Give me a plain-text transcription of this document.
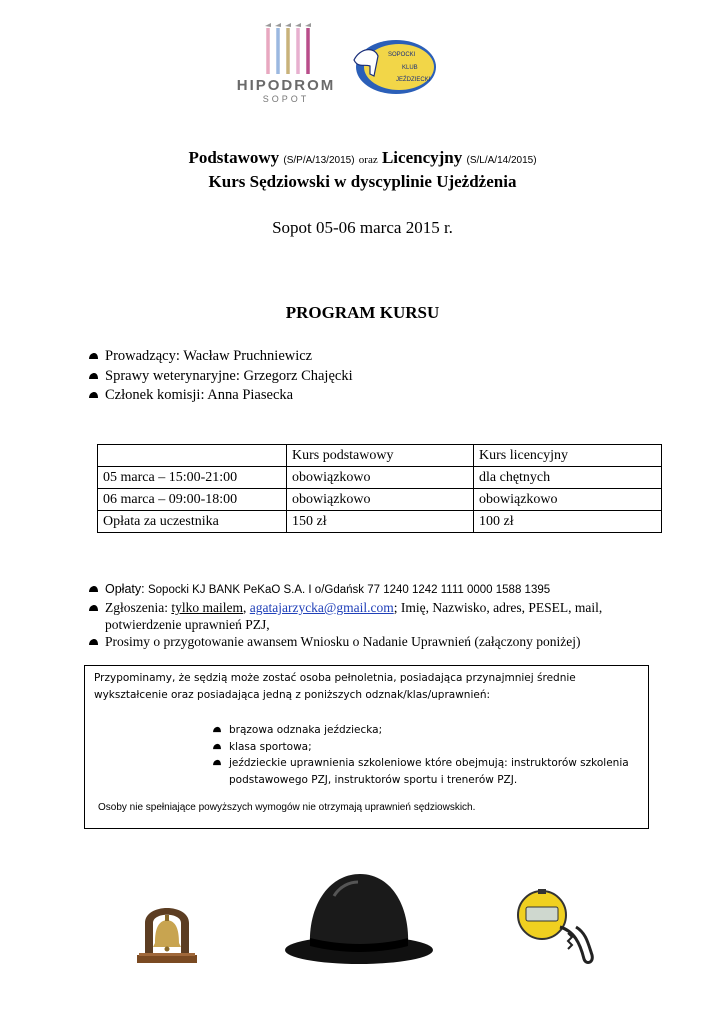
HIPODROM
SOPOT
SOPOCKI
KLUB
JEŹDZIECKI
Podstawowy (S/P/A/13/2015) oraz Licencyjny (S/L/A/14/2015)
Kurs Sędziowski w dyscyplinie Ujeżdżenia
Sopot 05-06 marca 2015 r.
PROGRAM KURSU
Prowadzący: Wacław Pruchniewicz
Sprawy weterynaryjne: Grzegorz Chajęcki
Członek komisji: Anna Piasecka
	Kurs podstawowy	Kurs licencyjny
05 marca – 15:00-21:00	obowiązkowo	dla chętnych
06 marca – 09:00-18:00	obowiązkowo	obowiązkowo
Opłata za uczestnika	150 zł	100 zł
Opłaty: Sopocki KJ BANK PeKaO S.A. I o/Gdańsk 77 1240 1242 1111 0000 1588 1395
Zgłoszenia: tylko mailem, agatajarzycka@gmail.com; Imię, Nazwisko, adres, PESEL, mail, potwierdzenie uprawnień PZJ,
Prosimy o przygotowanie awansem Wniosku o Nadanie Uprawnień (załączony poniżej)
Przypominamy, że sędzią może zostać osoba pełnoletnia, posiadająca przynajmniej średnie wykształcenie oraz posiadająca jedną z poniższych odznak/klas/uprawnień:
brązowa odznaka jeździecka;
klasa sportowa;
jeździeckie uprawnienia szkoleniowe które obejmują: instruktorów szkolenia podstawowego PZJ, instruktorów sportu i trenerów PZJ.
Osoby nie spełniające powyższych wymogów nie otrzymają uprawnień sędziowskich.
